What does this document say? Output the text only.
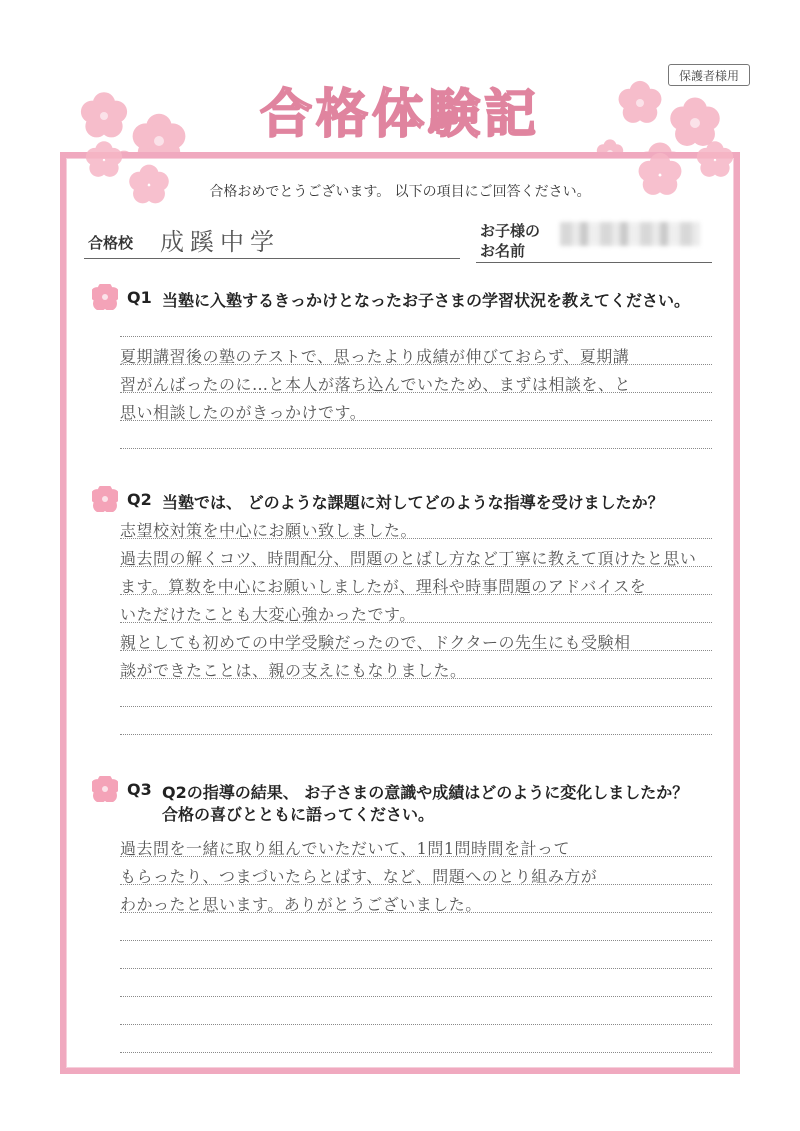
保護者様用
合格体験記
合格おめでとうございます。 以下の項目にご回答ください。
合格校 成蹊中学	お子様の
お名前
Q1 当塾に入塾するきっかけとなったお子さまの学習状況を教えてください。
夏期講習後の塾のテストで、思ったより成績が伸びておらず、夏期講
習がんばったのに…と本人が落ち込んでいたため、まずは相談を、と
思い相談したのがきっかけです。
Q2 当塾では、 どのような課題に対してどのような指導を受けましたか？
志望校対策を中心にお願い致しました。
過去問の解くコツ、時間配分、問題のとばし方など丁寧に教えて頂けたと思い
ます。算数を中心にお願いしましたが、理科や時事問題のアドバイスを
いただけたことも大変心強かったです。
親としても初めての中学受験だったので、ドクターの先生にも受験相
談ができたことは、親の支えにもなりました。
Q3 Q2の指導の結果、 お子さまの意識や成績はどのように変化しましたか？
合格の喜びとともに語ってください。
過去問を一緒に取り組んでいただいて、1問1問時間を計って
もらったり、つまづいたらとばす、など、問題へのとり組み方が
わかったと思います。ありがとうございました。
